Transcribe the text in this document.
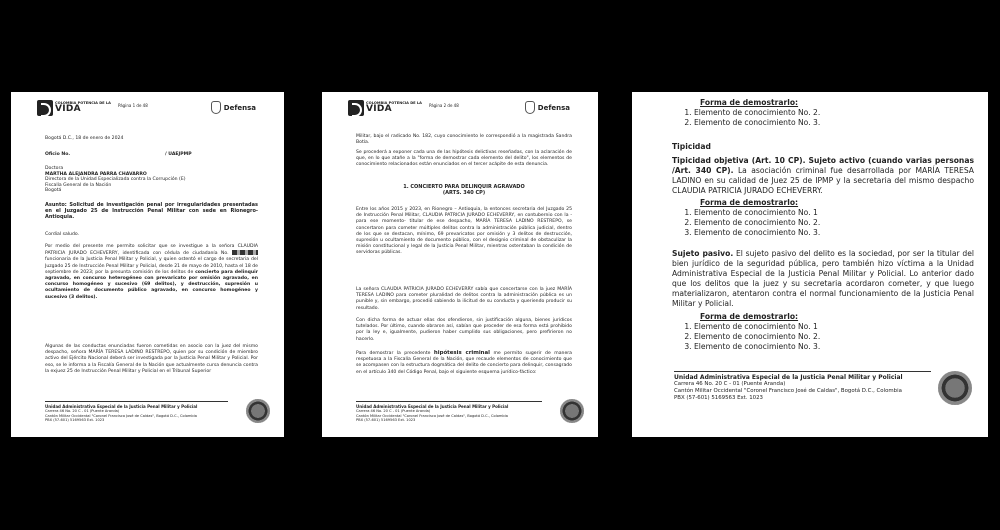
COLOMBIA POTENCIA DE LA
VIDA	Página 1 de 48	Defensa
Bogotá D.C., 18 de enero de 2024
Oficio No.	/ UAEJPMP
Doctora
MARTHA ALEJANDRA PARRA CHAVARRO
Directora de la Unidad Especializada contra la Corrupción (E)
Fiscalía General de la Nación
Bogotá
Asunto: Solicitud de investigación penal por irregularidades presentadas en el Juzgado 25 de Instrucción Penal Militar con sede en Rionegro-Antioquia.
Cordial saludo.
Por medio del presente me permito solicitar que se investigue a la señora CLAUDIA PATRICIA JURADO ECHEVERRY, identificada con cédula de ciudadanía No.  funcionaria de la Justicia Penal Militar y Policial, y quien ostentó el cargo de secretaria del Juzgado 25 de Instrucción Penal Militar y Policial, desde 21 de mayo de 2010, hasta el 18 de septiembre de 2023; por la presunta comisión de los delitos de concierto para delinquir agravado, en concurso heterogéneo con prevaricato por omisión agravado, en concurso homogéneo y sucesivo (69 delitos), y destrucción, supresión u ocultamiento de documento público agravado, en concurso homogéneo y sucesivo (3 delitos).
Algunas de las conductas enunciadas fueron cometidas en asocio con la juez del mismo despacho, señora MARÍA TERESA LADINO RESTREPO, quien por su condición de miembro activo del Ejército Nacional deberá ser investigada por la Justicia Penal Militar y Policial. Por eso, se le informa a la Fiscalía General de la Nación que actualmente cursa denuncia contra la exjuez 25 de Instrucción Penal Militar y Policial en el Tribunal Superior
Unidad Administrativa Especial de la Justicia Penal Militar y Policial
Carrera 46 No. 20 C - 01 (Puente Aranda)
Cantón Militar Occidental "Coronel Francisco José de Caldas", Bogotá D.C., Colombia
PBX (57-601) 5169563 Ext. 1023
COLOMBIA POTENCIA DE LA
VIDA	Página 2 de 48	Defensa
Militar, bajo el radicado No. 182, cuyo conocimiento le correspondió a la magistrada Sandra Botía.
Se procederá a exponer cada una de las hipótesis delictivas reseñadas, con la aclaración de que, en lo que atañe a la "forma de demostrar cada elemento del delito", los elementos de conocimiento relacionados están enunciados en el tercer acápite de esta denuncia.
1. CONCIERTO PARA DELINQUIR AGRAVADO
(ARTS. 340 CP)
Entre los años 2015 y 2023, en Rionegro – Antioquia, la entonces secretaria del Juzgado 25 de Instrucción Penal Militar, CLAUDIA PATRICIA JURADO ECHEVERRY, en contubernio con la -para ese momento- titular de ese despacho, MARÍA TERESA LADINO RESTREPO, se concertaron para cometer múltiples delitos contra la administración pública judicial, dentro de los que se destacan, mínimo, 69 prevaricatos por omisión y 3 delitos de destrucción, supresión u ocultamiento de documento público, con el designio criminal de obstaculizar la misión constitucional y legal de la Justicia Penal Militar, mientras ostentaban la condición de servidoras públicas.
La señora CLAUDIA PATRICIA JURADO ECHEVERRY sabía que concertarse con la juez MARÍA TERESA LADINO para cometer pluralidad de delitos contra la administración pública es un punible y, sin embargo, procedió sabiendo la ilicitud de su conducta y queriendo producir su resultado.
Con dicha forma de actuar ellas dos ofendieron, sin justificación alguna, bienes jurídicos tutelados. Por último, cuando obraron así, sabían que proceder de esa forma está prohibido por la ley e, igualmente, pudieron haber cumplido sus obligaciones, pero prefirieron no hacerlo.
Para demostrar la precedente hipótesis criminal me permito sugerir de manera respetuosa a la Fiscalía General de la Nación, que recaude elementos de conocimiento que se acompasen con la estructura dogmática del delito de concierto para delinquir, consagrado en el artículo 340 del Código Penal, bajo el siguiente esquema jurídico-fáctico:
Unidad Administrativa Especial de la Justicia Penal Militar y Policial
Carrera 46 No. 20 C - 01 (Puente Aranda)
Cantón Militar Occidental "Coronel Francisco José de Caldas", Bogotá D.C., Colombia
PBX (57-601) 5169563 Ext. 1023
Forma de demostrarlo:
1. Elemento de conocimiento No. 2.
2. Elemento de conocimiento No. 3.
Tipicidad
Tipicidad objetiva (Art. 10 CP). Sujeto activo (cuando varias personas /Art. 340 CP). La asociación criminal fue desarrollada por MARÍA TERESA LADINO en su calidad de Juez 25 de IPMP y la secretaria del mismo despacho CLAUDIA PATRICIA JURADO ECHEVERRY.
Forma de demostrarlo:
1. Elemento de conocimiento No. 1
2. Elemento de conocimiento No. 2.
3. Elemento de conocimiento No. 3.
Sujeto pasivo. El sujeto pasivo del delito es la sociedad, por ser la titular del bien jurídico de la seguridad pública, pero también hizo víctima a la Unidad Administrativa Especial de la Justicia Penal Militar y Policial. Lo anterior dado que los delitos que la juez y su secretaria acordaron cometer, y que luego materializaron, atentaron contra el normal funcionamiento de la Justicia Penal Militar y Policial.
Forma de demostrarlo:
1. Elemento de conocimiento No. 1
2. Elemento de conocimiento No. 2.
3. Elemento de conocimiento No. 3.
Unidad Administrativa Especial de la Justicia Penal Militar y Policial
Carrera 46 No. 20 C - 01 (Puente Aranda)
Cantón Militar Occidental "Coronel Francisco José de Caldas", Bogotá D.C., Colombia
PBX (57-601) 5169563 Ext. 1023
